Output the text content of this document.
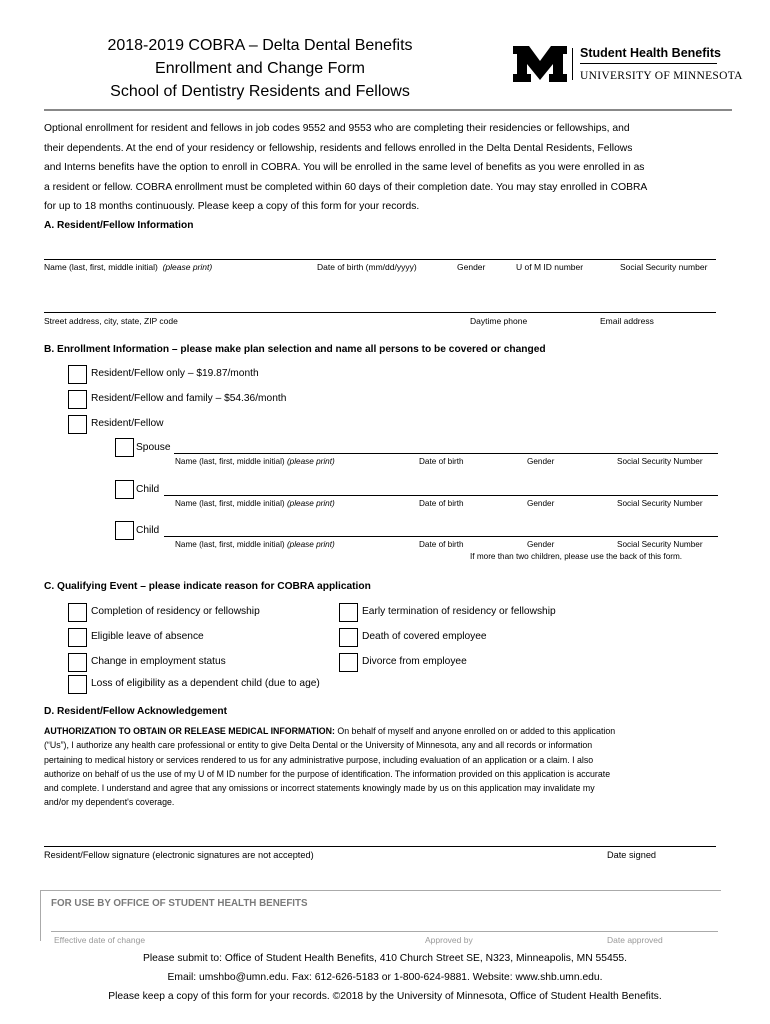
2018-2019 COBRA – Delta Dental Benefits
Enrollment and Change Form
School of Dentistry Residents and Fellows
Student Health Benefits
UNIVERSITY OF MINNESOTA

Optional enrollment for resident and fellows in job codes 9552 and 9553 who are completing their residencies or fellowships, and

their dependents. At the end of your residency or fellowship, residents and fellows enrolled in the Delta Dental Residents, Fellows

and Interns benefits have the option to enroll in COBRA. You will be enrolled in the same level of benefits as you were enrolled in as

a resident or fellow. COBRA enrollment must be completed within 60 days of their completion date. You may stay enrolled in COBRA

for up to 18 months continuously. Please keep a copy of this form for your records.

A. Resident/Fellow Information
Name (last, first, middle initial) (please print)	Date of birth (mm/dd/yyyy)	Gender	U of M ID number	Social Security number
Street address, city, state, ZIP code	Daytime phone	Email address
B. Enrollment Information – please make plan selection and name all persons to be covered or changed
Resident/Fellow only – $19.87/month
Resident/Fellow and family – $54.36/month
Resident/Fellow
Spouse
Name (last, first, middle initial) (please print)	Date of birth	Gender	Social Security Number
Child
Name (last, first, middle initial) (please print)	Date of birth	Gender	Social Security Number
Child
Name (last, first, middle initial) (please print)	Date of birth	Gender	Social Security Number
If more than two children, please use the back of this form.
C. Qualifying Event – please indicate reason for COBRA application
Completion of residency or fellowship
Eligible leave of absence
Change in employment status
Loss of eligibility as a dependent child (due to age)
Early termination of residency or fellowship
Death of covered employee
Divorce from employee
D. Resident/Fellow Acknowledgement

AUTHORIZATION TO OBTAIN OR RELEASE MEDICAL INFORMATION: On behalf of myself and anyone enrolled on or added to this application

(“Us”), I authorize any health care professional or entity to give Delta Dental or the University of Minnesota, any and all records or information

pertaining to medical history or services rendered to us for any administrative purpose, including evaluation of an application or a claim. I also

authorize on behalf of us the use of my U of M ID number for the purpose of identification. The information provided on this application is accurate

and complete. I understand and agree that any omissions or incorrect statements knowingly made by us on this application may invalidate my

and/or my dependent's coverage.

Resident/Fellow signature (electronic signatures are not accepted)	Date signed
FOR USE BY OFFICE OF STUDENT HEALTH BENEFITS
Effective date of change	Approved by	Date approved
Please submit to: Office of Student Health Benefits, 410 Church Street SE, N323, Minneapolis, MN 55455.
Email: umshbo@umn.edu. Fax: 612-626-5183 or 1-800-624-9881. Website: www.shb.umn.edu.
Please keep a copy of this form for your records. ©2018 by the University of Minnesota, Office of Student Health Benefits.
